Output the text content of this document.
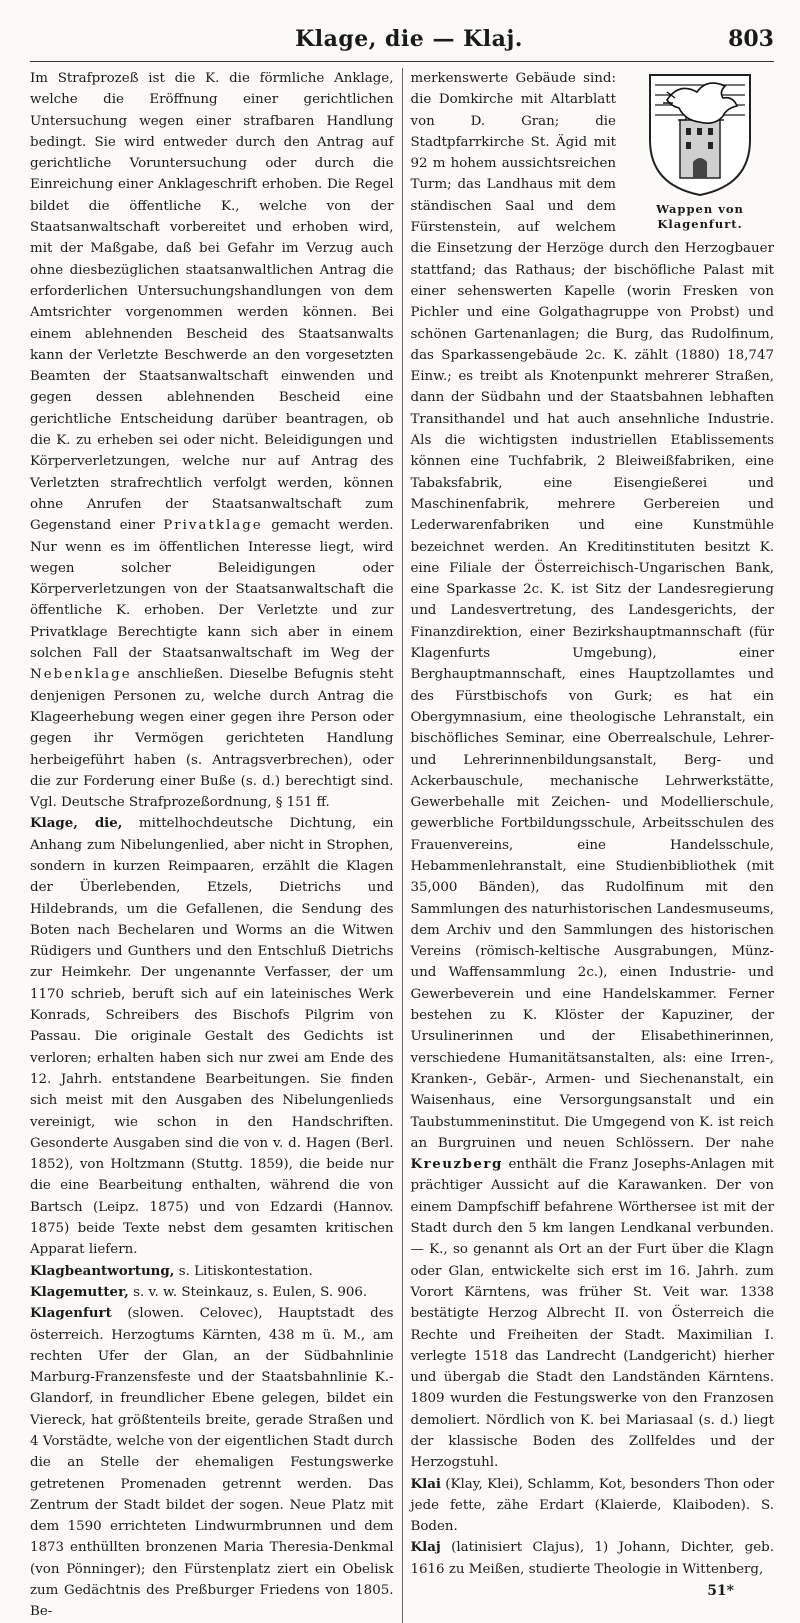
Klage, die — Klaj.	803

Im Strafprozeß ist die K. die förmliche Anklage, welche die Eröffnung einer gerichtlichen Untersuchung wegen einer strafbaren Handlung bedingt. Sie wird entweder durch den Antrag auf gerichtliche Voruntersuchung oder durch die Einreichung einer Anklageschrift erhoben. Die Regel bildet die öffentliche K., welche von der Staatsanwaltschaft vorbereitet und erhoben wird, mit der Maßgabe, daß bei Gefahr im Verzug auch ohne diesbezüglichen staatsanwaltlichen Antrag die erforderlichen Untersuchungshandlungen von dem Amtsrichter vorgenommen werden können. Bei einem ablehnenden Bescheid des Staatsanwalts kann der Verletzte Beschwerde an den vorgesetzten Beamten der Staatsanwaltschaft einwenden und gegen dessen ablehnenden Bescheid eine gerichtliche Entscheidung darüber beantragen, ob die K. zu erheben sei oder nicht. Beleidigungen und Körperverletzungen, welche nur auf Antrag des Verletzten strafrechtlich verfolgt werden, können ohne Anrufen der Staatsanwaltschaft zum Gegenstand einer Privatklage gemacht werden. Nur wenn es im öffentlichen Interesse liegt, wird wegen solcher Beleidigungen oder Körperverletzungen von der Staatsanwaltschaft die öffentliche K. erhoben. Der Verletzte und zur Privatklage Berechtigte kann sich aber in einem solchen Fall der Staatsanwaltschaft im Weg der Nebenklage anschließen. Dieselbe Befugnis steht denjenigen Personen zu, welche durch Antrag die Klageerhebung wegen einer gegen ihre Person oder gegen ihr Vermögen gerichteten Handlung herbeigeführt haben (s. Antragsverbrechen), oder die zur Forderung einer Buße (s. d.) berechtigt sind. Vgl. Deutsche Strafprozeßordnung, § 151 ff.

Klage, die, mittelhochdeutsche Dichtung, ein Anhang zum Nibelungenlied, aber nicht in Strophen, sondern in kurzen Reimpaaren, erzählt die Klagen der Überlebenden, Etzels, Dietrichs und Hildebrands, um die Gefallenen, die Sendung des Boten nach Bechelaren und Worms an die Witwen Rüdigers und Gunthers und den Entschluß Dietrichs zur Heimkehr. Der ungenannte Verfasser, der um 1170 schrieb, beruft sich auf ein lateinisches Werk Konrads, Schreibers des Bischofs Pilgrim von Passau. Die originale Gestalt des Gedichts ist verloren; erhalten haben sich nur zwei am Ende des 12. Jahrh. entstandene Bearbeitungen. Sie finden sich meist mit den Ausgaben des Nibelungenlieds vereinigt, wie schon in den Handschriften. Gesonderte Ausgaben sind die von v. d. Hagen (Berl. 1852), von Holtzmann (Stuttg. 1859), die beide nur die eine Bearbeitung enthalten, während die von Bartsch (Leipz. 1875) und von Edzardi (Hannov. 1875) beide Texte nebst dem gesamten kritischen Apparat liefern.

Klagbeantwortung, s. Litiskontestation.

Klagemutter, s. v. w. Steinkauz, s. Eulen, S. 906.

Klagenfurt (slowen. Celovec), Hauptstadt des österreich. Herzogtums Kärnten, 438 m ü. M., am rechten Ufer der Glan, an der Südbahnlinie Marburg-Franzensfeste und der Staatsbahnlinie K.-Glandorf, in freundlicher Ebene gelegen, bildet ein Viereck, hat größtenteils breite, gerade Straßen und 4 Vorstädte, welche von der eigentlichen Stadt durch die an Stelle der ehemaligen Festungswerke getretenen Promenaden getrennt werden. Das Zentrum der Stadt bildet der sogen. Neue Platz mit dem 1590 errichteten Lindwurmbrunnen und dem 1873 enthüllten bronzenen Maria Theresia-Denkmal (von Pönninger); den Fürstenplatz ziert ein Obelisk zum Gedächtnis des Preßburger Friedens von 1805. Be-

Wappen von Klagenfurt.

merkenswerte Gebäude sind: die Domkirche mit Altarblatt von D. Gran; die Stadtpfarrkirche St. Ägid mit 92 m hohem aussichtsreichen Turm; das Landhaus mit dem ständischen Saal und dem Fürstenstein, auf welchem die Einsetzung der Herzöge durch den Herzogbauer stattfand; das Rathaus; der bischöfliche Palast mit einer sehenswerten Kapelle (worin Fresken von Pichler und eine Golgathagruppe von Probst) und schönen Gartenanlagen; die Burg, das Rudolfinum, das Sparkassengebäude 2c. K. zählt (1880) 18,747 Einw.; es treibt als Knotenpunkt mehrerer Straßen, dann der Südbahn und der Staatsbahnen lebhaften Transithandel und hat auch ansehnliche Industrie. Als die wichtigsten industriellen Etablissements können eine Tuchfabrik, 2 Bleiweißfabriken, eine Tabaksfabrik, eine Eisengießerei und Maschinenfabrik, mehrere Gerbereien und Lederwarenfabriken und eine Kunstmühle bezeichnet werden. An Kreditinstituten besitzt K. eine Filiale der Österreichisch-Ungarischen Bank, eine Sparkasse 2c. K. ist Sitz der Landesregierung und Landesvertretung, des Landesgerichts, der Finanzdirektion, einer Bezirkshauptmannschaft (für Klagenfurts Umgebung), einer Berghauptmannschaft, eines Hauptzollamtes und des Fürstbischofs von Gurk; es hat ein Obergymnasium, eine theologische Lehranstalt, ein bischöfliches Seminar, eine Oberrealschule, Lehrer- und Lehrerinnenbildungsanstalt, Berg- und Ackerbauschule, mechanische Lehrwerkstätte, Gewerbehalle mit Zeichen- und Modellierschule, gewerbliche Fortbildungsschule, Arbeitsschulen des Frauenvereins, eine Handelsschule, Hebammenlehranstalt, eine Studienbibliothek (mit 35,000 Bänden), das Rudolfinum mit den Sammlungen des naturhistorischen Landesmuseums, dem Archiv und den Sammlungen des historischen Vereins (römisch-keltische Ausgrabungen, Münz- und Waffensammlung 2c.), einen Industrie- und Gewerbeverein und eine Handelskammer. Ferner bestehen zu K. Klöster der Kapuziner, der Ursulinerinnen und der Elisabethinerinnen, verschiedene Humanitätsanstalten, als: eine Irren-, Kranken-, Gebär-, Armen- und Siechenanstalt, ein Waisenhaus, eine Versorgungsanstalt und ein Taubstummeninstitut. Die Umgegend von K. ist reich an Burgruinen und neuen Schlössern. Der nahe Kreuzberg enthält die Franz Josephs-Anlagen mit prächtiger Aussicht auf die Karawanken. Der von einem Dampfschiff befahrene Wörthersee ist mit der Stadt durch den 5 km langen Lendkanal verbunden. — K., so genannt als Ort an der Furt über die Klagn oder Glan, entwickelte sich erst im 16. Jahrh. zum Vorort Kärntens, was früher St. Veit war. 1338 bestätigte Herzog Albrecht II. von Österreich die Rechte und Freiheiten der Stadt. Maximilian I. verlegte 1518 das Landrecht (Landgericht) hierher und übergab die Stadt den Landständen Kärntens. 1809 wurden die Festungswerke von den Franzosen demoliert. Nördlich von K. bei Mariasaal (s. d.) liegt der klassische Boden des Zollfeldes und der Herzogstuhl.

Klai (Klay, Klei), Schlamm, Kot, besonders Thon oder jede fette, zähe Erdart (Klaierde, Klaiboden). S. Boden.

Klaj (latinisiert Clajus), 1) Johann, Dichter, geb. 1616 zu Meißen, studierte Theologie in Wittenberg,

51*
